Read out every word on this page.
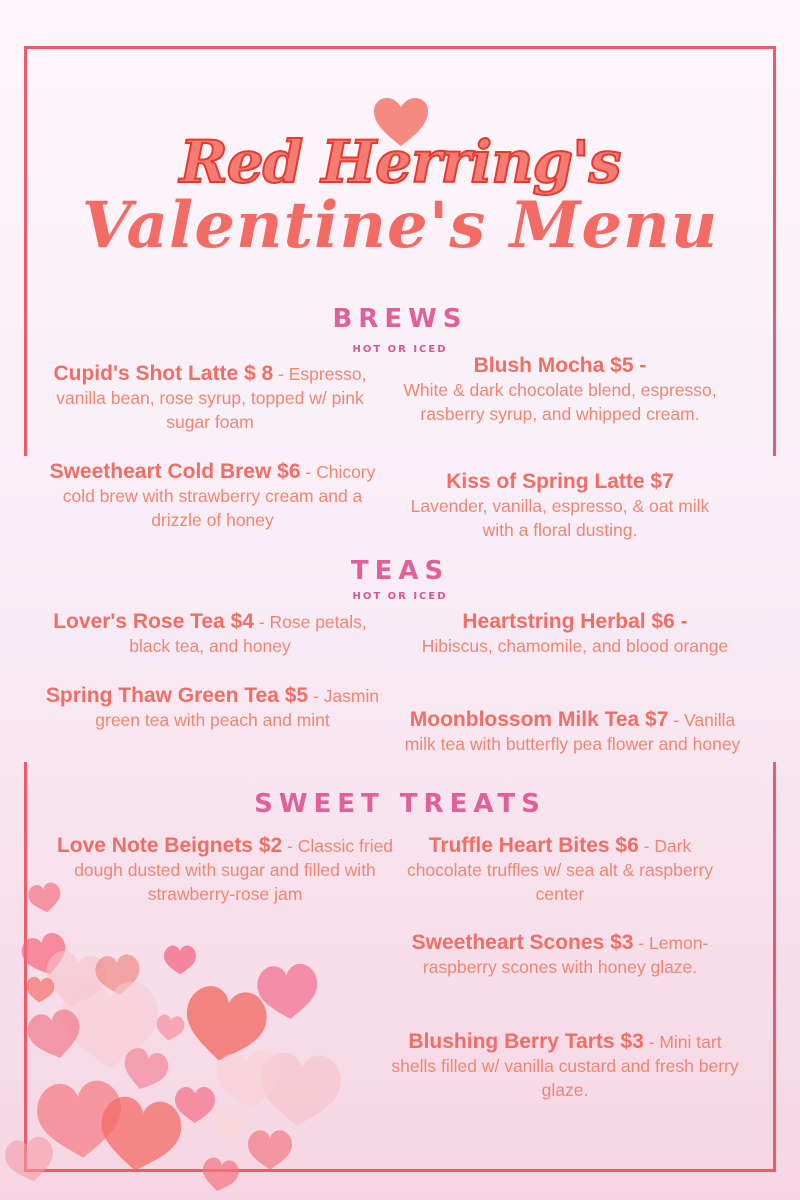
Red Herring's
Valentine's Menu
BREWS
HOT OR ICED
Cupid's Shot Latte $ 8 - Espresso, vanilla bean, rose syrup, topped w/ pink sugar foam
Blush Mocha $5 -
White & dark chocolate blend, espresso, rasberry syrup, and whipped cream.
Sweetheart Cold Brew $6 - Chicory cold brew with strawberry cream and a drizzle of honey
Kiss of Spring Latte $7
Lavender, vanilla, espresso, & oat milk with a floral dusting.
TEAS
HOT OR ICED
Lover's Rose Tea $4 - Rose petals, black tea, and honey
Heartstring Herbal $6 -
Hibiscus, chamomile, and blood orange
Spring Thaw Green Tea $5 - Jasmin green tea with peach and mint	Moonblossom Milk Tea $7 - Vanilla milk tea with butterfly pea flower and honey
SWEET TREATS
Love Note Beignets $2 - Classic fried dough dusted with sugar and filled with strawberry-rose jam
Truffle Heart Bites $6 - Dark chocolate truffles w/ sea alt & raspberry center
Sweetheart Scones $3 - Lemon-raspberry scones with honey glaze.
Blushing Berry Tarts $3 - Mini tart shells filled w/ vanilla custard and fresh berry glaze.
